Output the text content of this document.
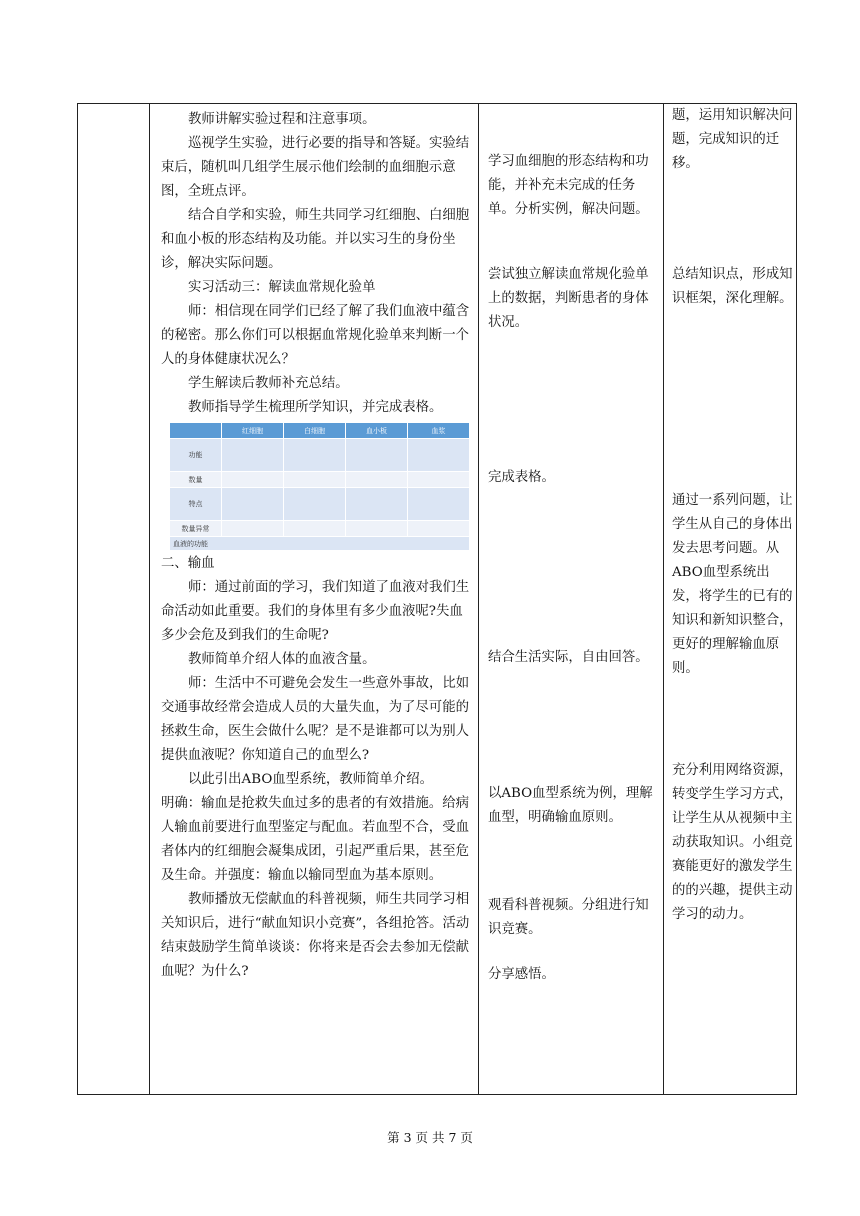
教师讲解实验过程和注意事项。

巡视学生实验，进行必要的指导和答疑。实验结束后，随机叫几组学生展示他们绘制的血细胞示意图，全班点评。

结合自学和实验，师生共同学习红细胞、白细胞和血小板的形态结构及功能。并以实习生的身份坐诊，解决实际问题。

实习活动三：解读血常规化验单

师：相信现在同学们已经了解了我们血液中蕴含的秘密。那么你们可以根据血常规化验单来判断一个人的身体健康状况么？

学生解读后教师补充总结。

教师指导学生梳理所学知识，并完成表格。

	红细胞	白细胞	血小板	血浆
功能				
数量				
特点				
数量异常				
血液的功能				

二、输血

师：通过前面的学习，我们知道了血液对我们生命活动如此重要。我们的身体里有多少血液呢?失血多少会危及到我们的生命呢?

教师简单介绍人体的血液含量。

师：生活中不可避免会发生一些意外事故，比如交通事故经常会造成人员的大量失血，为了尽可能的拯救生命，医生会做什么呢？是不是谁都可以为别人提供血液呢？你知道自己的血型么?

以此引出ABO血型系统，教师简单介绍。

明确：输血是抢救失血过多的患者的有效措施。给病人输血前要进行血型鉴定与配血。若血型不合，受血者体内的红细胞会凝集成团，引起严重后果，甚至危及生命。并强度：输血以输同型血为基本原则。

教师播放无偿献血的科普视频，师生共同学习相关知识后，进行“献血知识小竞赛”，各组抢答。活动结束鼓励学生简单谈谈：你将来是否会去参加无偿献血呢？为什么?

学习血细胞的形态结构和功能，并补充未完成的任务单。分析实例，解决问题。

尝试独立解读血常规化验单上的数据，判断患者的身体状况。

完成表格。

结合生活实际，自由回答。

以ABO血型系统为例，理解血型，明确输血原则。

观看科普视频。分组进行知识竞赛。

分享感悟。

题，运用知识解决问题，完成知识的迁移。

总结知识点，形成知识框架，深化理解。

通过一系列问题，让学生从自己的身体出发去思考问题。从ABO血型系统出发，将学生的已有的知识和新知识整合，更好的理解输血原则。

充分利用网络资源，转变学生学习方式，让学生从从视频中主动获取知识。小组竞赛能更好的激发学生的的兴趣，提供主动学习的动力。

第 3 页 共 7 页
